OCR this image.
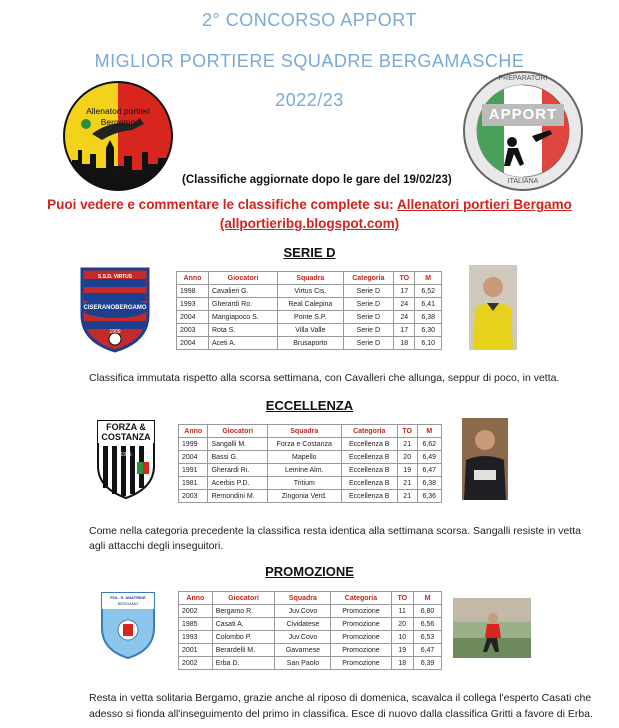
2° CONCORSO APPORT
MIGLIOR PORTIERE SQUADRE BERGAMASCHE
2022/23
Allenatori portieri
Bergamo	APPORT
PREPARATORI
ITALIANA
(Classifiche aggiornate dopo le gare del 19/02/23)
Puoi vedere e commentare le classifiche complete su: Allenatori portieri Bergamo
(allportieribg.blogspot.com)
SERIE D
S.S.D. VIRTUS
CISERANOBERGAMO
1909
Anno	Giocatori	Squadra	Categoria	TO	M
1998	Cavalieri G.	Virtus Cis.	Serie D	17	6,52
1993	Gherardi Ro.	Real Calepina	Serie D	24	6,41
2004	Mangiapoco S.	Ponte S.P.	Serie D	24	6,38
2003	Rota S.	Villa Valle	Serie D	17	6,30
2004	Aceti A.	Brusaporto	Serie D	18	6,10
Classifica immutata rispetto alla scorsa settimana, con Cavalleri che allunga, seppur di poco, in vetta.
ECCELLENZA
FORZA &
COSTANZA
1905
Anno	Giocatori	Squadra	Categoria	TO	M
1999	Sangalli M.	Forza e Costanza	Eccellenza B	21	6,62
2004	Bassi G.	Mapello	Eccellenza B	20	6,49
1991	Gherardi Ri.	Lemine Alm.	Eccellenza B	19	6,47
1981	Acerbis P.D.	Tritium	Eccellenza B	21	6,38
2003	Remondini M.	Zingonia Verd.	Eccellenza B	21	6,36
Come nella categoria precedente la classifica resta identica alla settimana scorsa. Sangalli resiste in vetta
agli attacchi degli inseguitori.
PROMOZIONE
POL. S. ANATRIDE
BERGAMO
Anno	Giocatori	Squadra	Categoria	TO	M
2002	Bergamo R.	Juv.Covo	Promozione	11	6,80
1985	Casati A.	Cividatese	Promozione	20	6,56
1993	Colombo P.	Juv.Covo	Promozione	10	6,53
2001	Berardelli M.	Gavarnese	Promozione	19	6,47
2002	Erba D.	San Paolo	Promozione	18	6,39
Resta in vetta solitaria Bergamo, grazie anche al riposo di domenica, scavalca il collega l'esperto Casati che
adesso si fionda all'inseguimento del primo in classifica. Esce di nuovo dalla classifica Gritti a favore di Erba.
